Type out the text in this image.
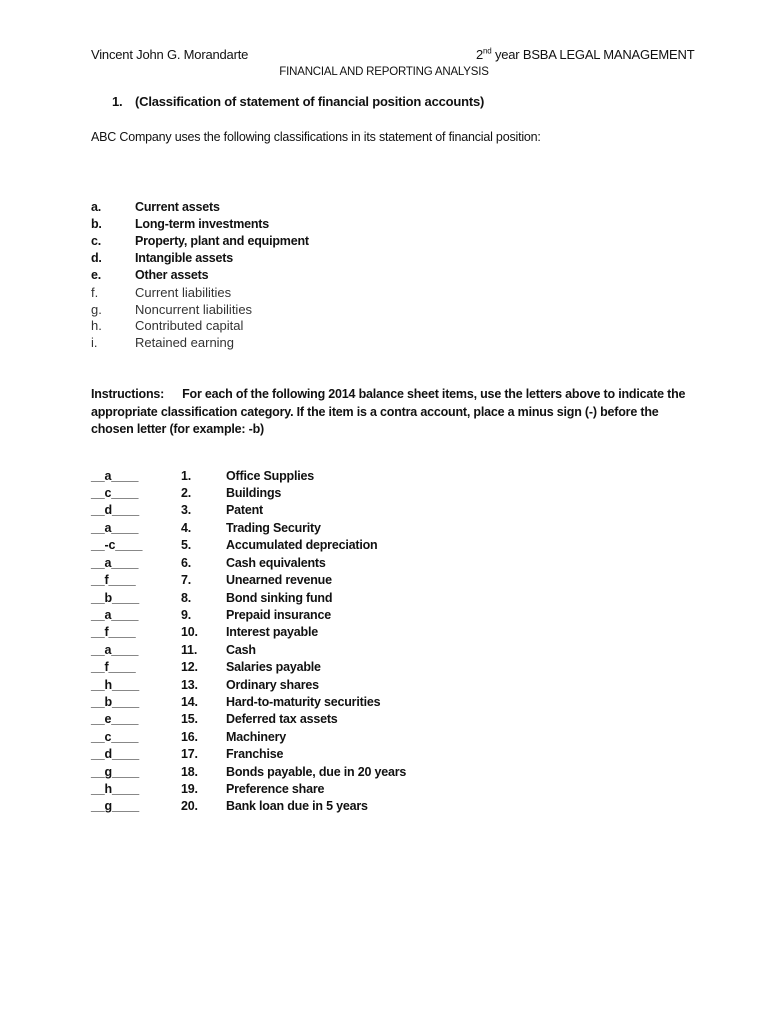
Vincent John G. Morandarte	2nd year BSBA LEGAL MANAGEMENT
FINANCIAL AND REPORTING ANALYSIS
1. (Classification of statement of financial position accounts)
ABC Company uses the following classifications in its statement of financial position:
a.	Current assets
b.	Long-term investments
c.	Property, plant and equipment
d.	Intangible assets
e.	Other assets
f.	Current liabilities
g.	Noncurrent liabilities
h.	Contributed capital
i.	Retained earning
Instructions: For each of the following 2014 balance sheet items, use the letters above to indicate the appropriate classification category. If the item is a contra account, place a minus sign (-) before the chosen letter (for example: -b)
__a____	1.	Office Supplies
__c____	2.	Buildings
__d____	3.	Patent
__a____	4.	Trading Security
__-c____	5.	Accumulated depreciation
__a____	6.	Cash equivalents
__f____	7.	Unearned revenue
__b____	8.	Bond sinking fund
__a____	9.	Prepaid insurance
__f____	10. Interest payable
__a____	11. Cash
__f____	12. Salaries payable
__h____	13. Ordinary shares
__b____	14. Hard-to-maturity securities
__e____	15. Deferred tax assets
__c____	16. Machinery
__d____	17. Franchise
__g____	18. Bonds payable, due in 20 years
__h____	19. Preference share
__g____	20. Bank loan due in 5 years
